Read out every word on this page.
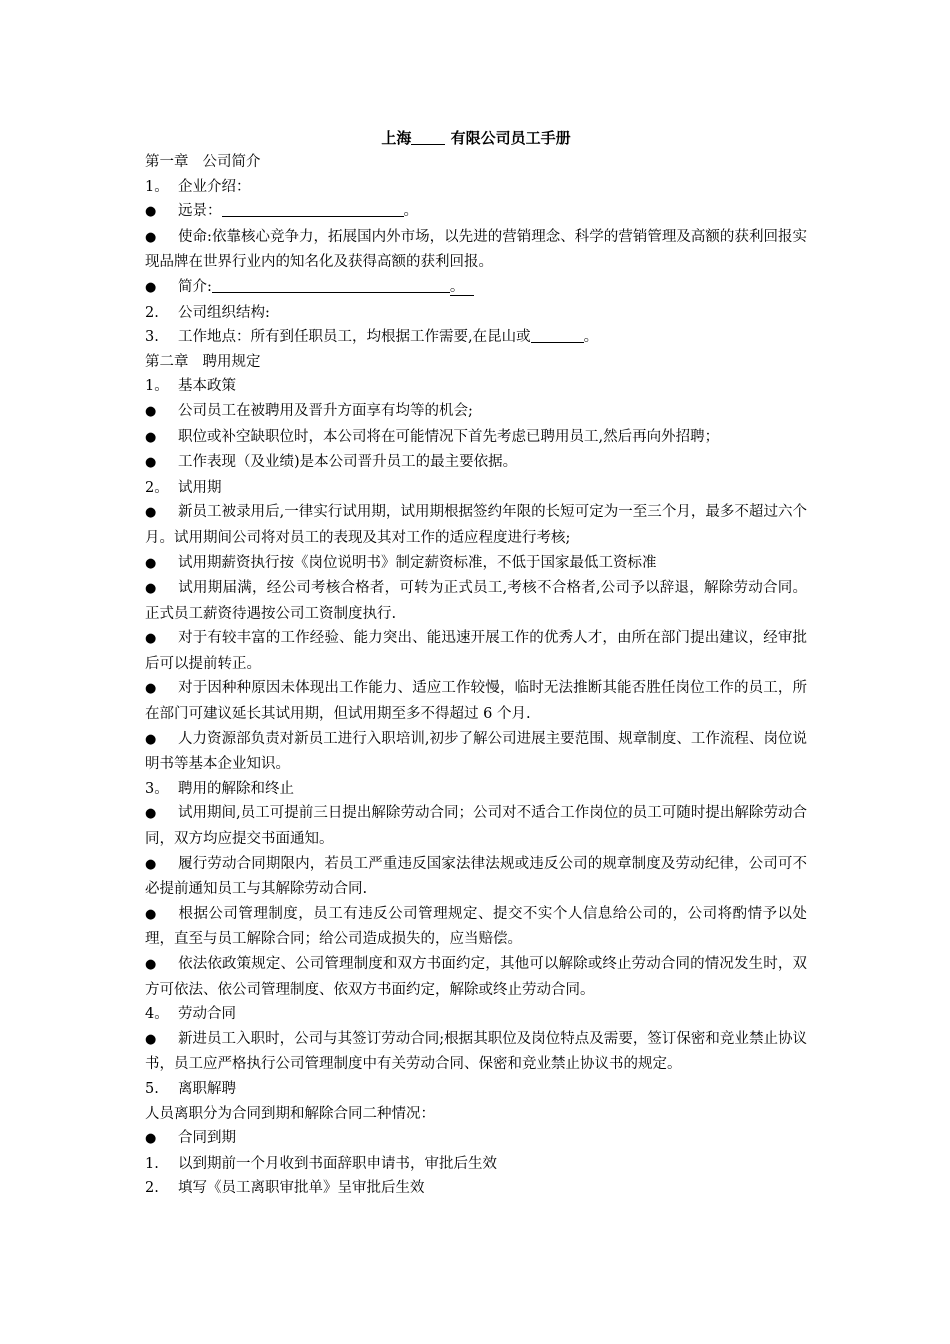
上海 有限公司员工手册
第一章 公司简介
1。 企业介绍：
● 远景：	。
● 使命:依靠核心竞争力，拓展国内外市场，以先进的营销理念、科学的营销管理及高额的获利回报实现品牌在世界行业内的知名化及获得高额的获利回报。
● 简介:	。
2. 公司组织结构:
3. 工作地点：所有到任职员工，均根据工作需要,在昆山或	。
第二章 聘用规定
1。 基本政策
● 公司员工在被聘用及晋升方面享有均等的机会;
● 职位或补空缺职位时，本公司将在可能情况下首先考虑已聘用员工,然后再向外招聘；
● 工作表现（及业绩)是本公司晋升员工的最主要依据。
2。 试用期
● 新员工被录用后,一律实行试用期，试用期根据签约年限的长短可定为一至三个月，最多不超过六个月。试用期间公司将对员工的表现及其对工作的适应程度进行考核;
● 试用期薪资执行按《岗位说明书》制定薪资标准，不低于国家最低工资标准
● 试用期届满，经公司考核合格者，可转为正式员工,考核不合格者,公司予以辞退，解除劳动合同。正式员工薪资待遇按公司工资制度执行.
● 对于有较丰富的工作经验、能力突出、能迅速开展工作的优秀人才，由所在部门提出建议，经审批后可以提前转正。
● 对于因种种原因未体现出工作能力、适应工作较慢，临时无法推断其能否胜任岗位工作的员工，所在部门可建议延长其试用期，但试用期至多不得超过 6 个月.
● 人力资源部负责对新员工进行入职培训,初步了解公司进展主要范围、规章制度、工作流程、岗位说明书等基本企业知识。
3。 聘用的解除和终止
● 试用期间,员工可提前三日提出解除劳动合同；公司对不适合工作岗位的员工可随时提出解除劳动合同，双方均应提交书面通知。
● 履行劳动合同期限内，若员工严重违反国家法律法规或违反公司的规章制度及劳动纪律，公司可不必提前通知员工与其解除劳动合同.
● 根据公司管理制度，员工有违反公司管理规定、提交不实个人信息给公司的，公司将酌情予以处理，直至与员工解除合同；给公司造成损失的，应当赔偿。
● 依法依政策规定、公司管理制度和双方书面约定，其他可以解除或终止劳动合同的情况发生时，双方可依法、依公司管理制度、依双方书面约定，解除或终止劳动合同。
4。 劳动合同
● 新进员工入职时，公司与其签订劳动合同;根据其职位及岗位特点及需要，签订保密和竞业禁止协议书，员工应严格执行公司管理制度中有关劳动合同、保密和竞业禁止协议书的规定。
5. 离职解聘
人员离职分为合同到期和解除合同二种情况：
● 合同到期
1. 以到期前一个月收到书面辞职申请书，审批后生效
2. 填写《员工离职审批单》呈审批后生效
